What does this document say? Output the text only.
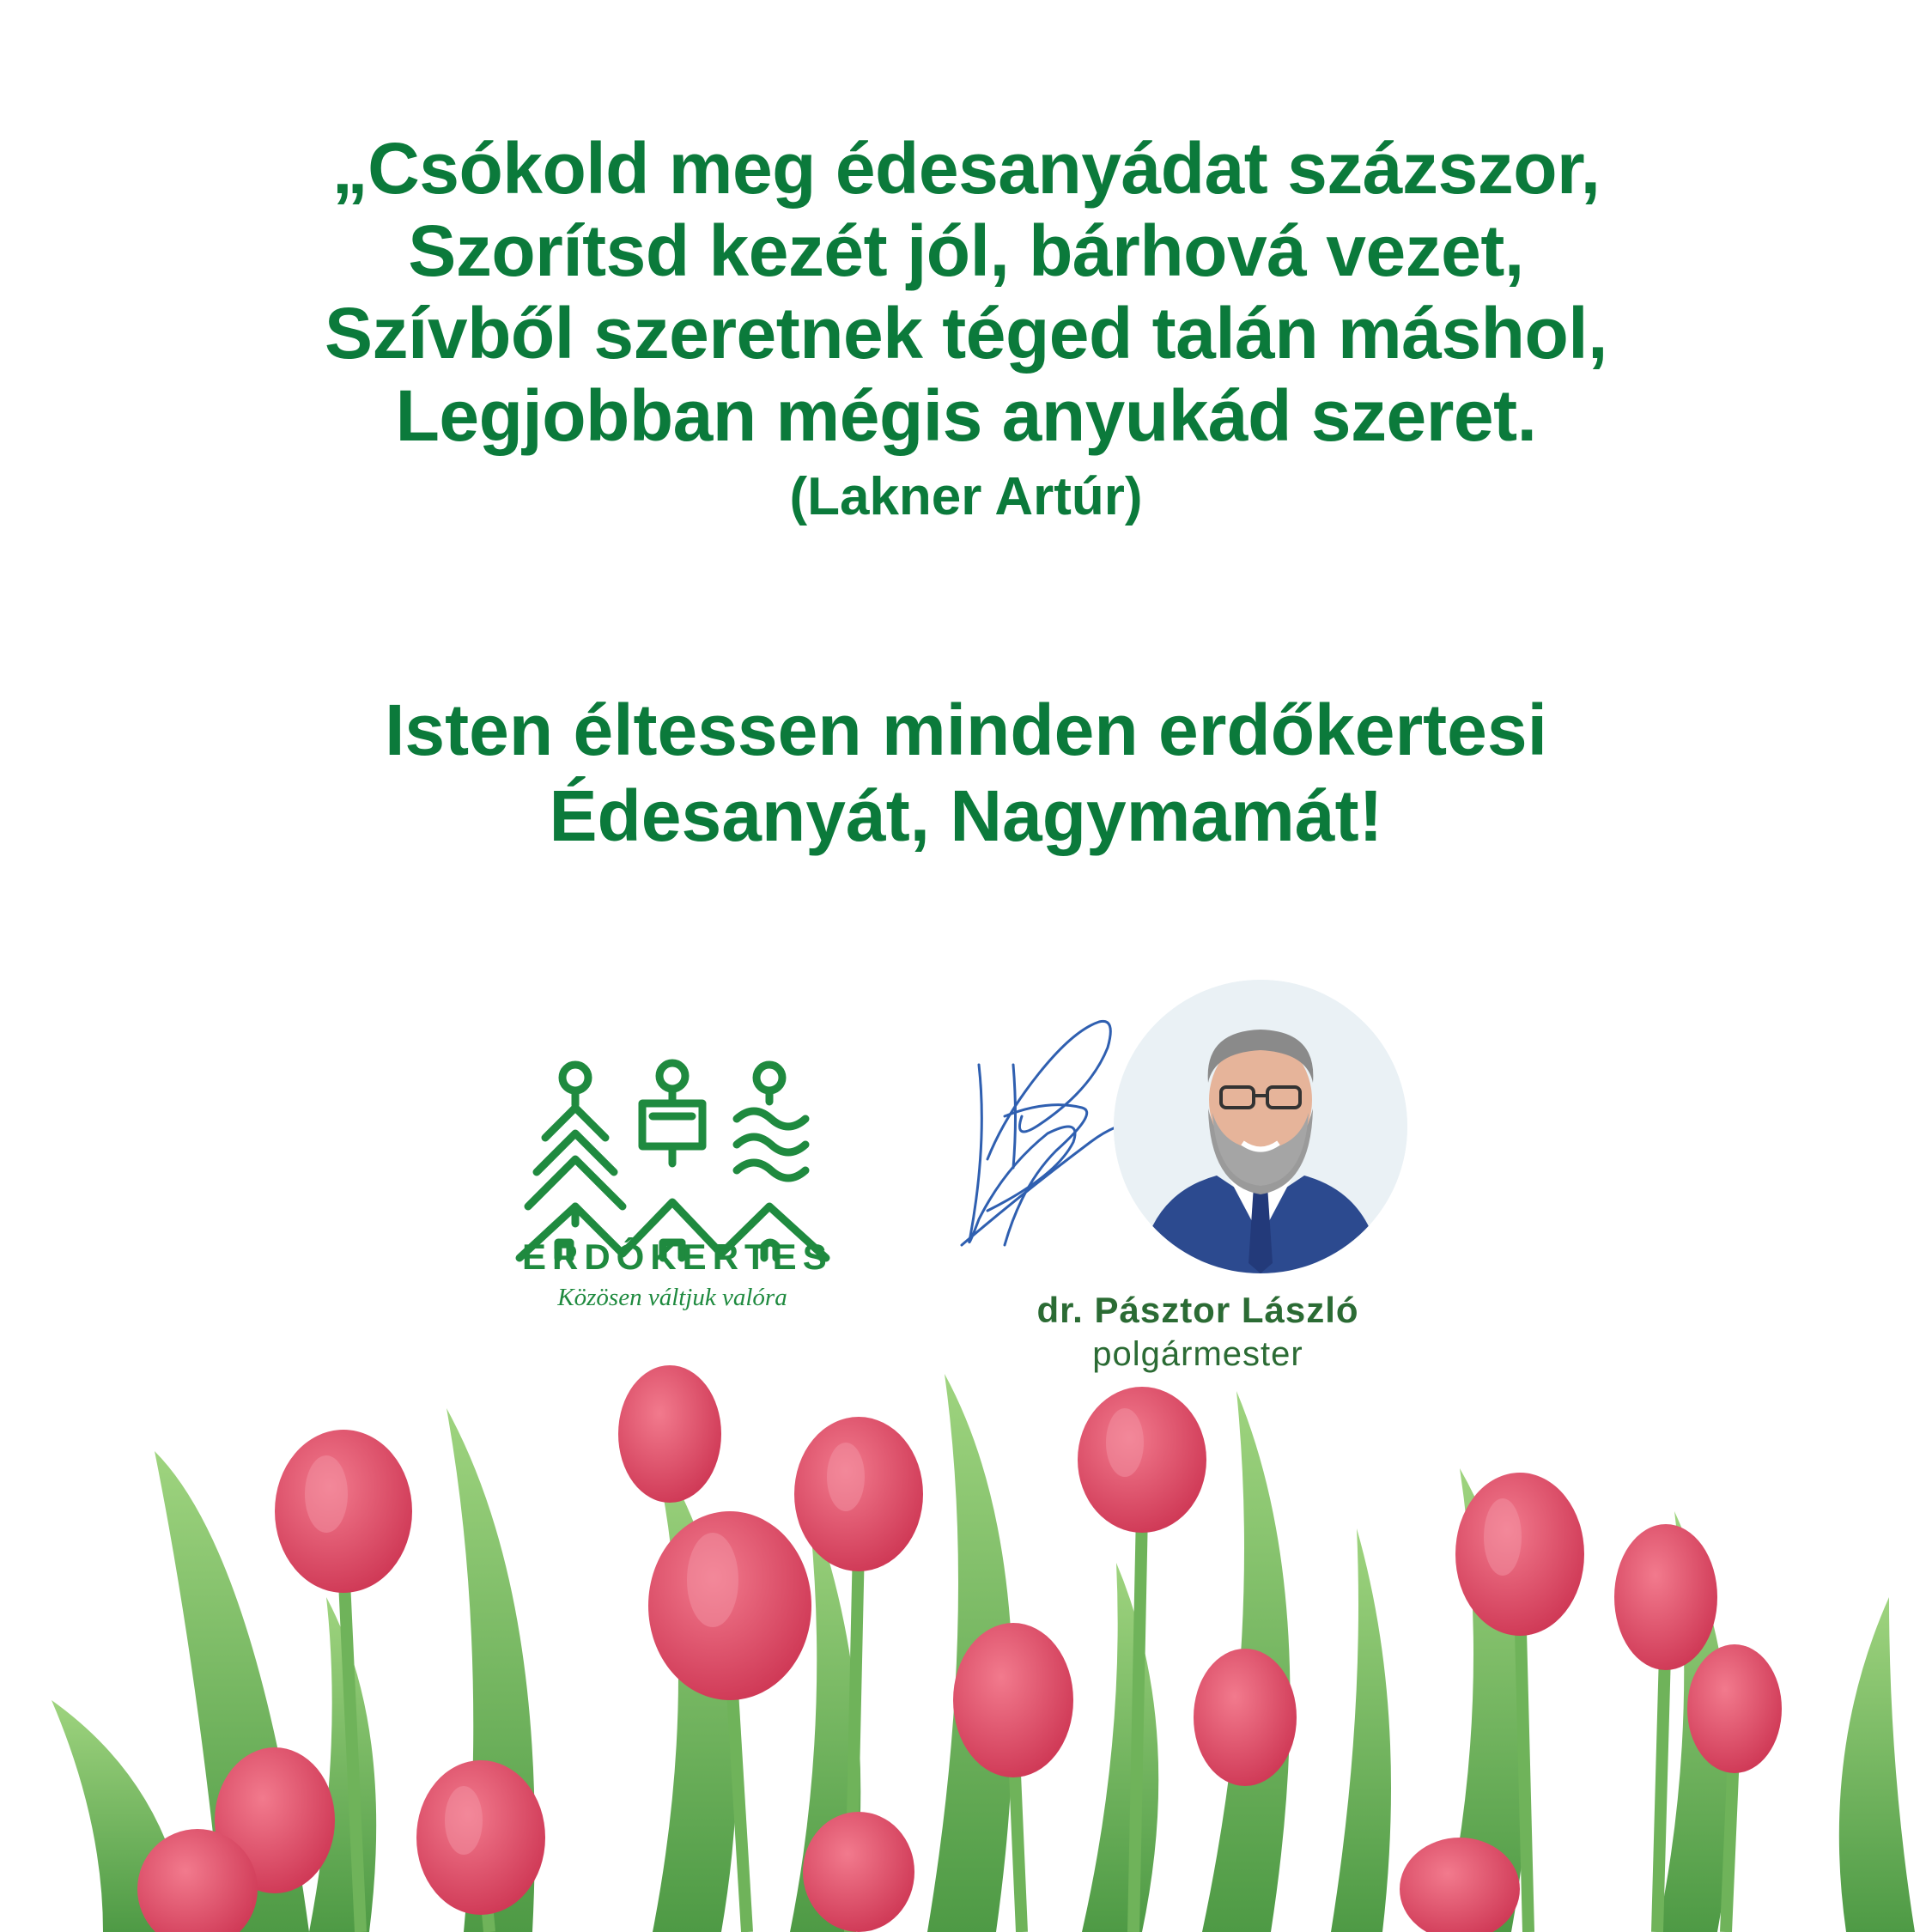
„Csókold meg édesanyádat százszor,
Szorítsd kezét jól, bárhová vezet,
Szívből szeretnek téged talán máshol,
Legjobban mégis anyukád szeret.
(Lakner Artúr)
Isten éltessen minden erdőkertesi
Édesanyát, Nagymamát!
ERDŐKERTES
Közösen váltjuk valóra	dr. Pásztor László
polgármester
